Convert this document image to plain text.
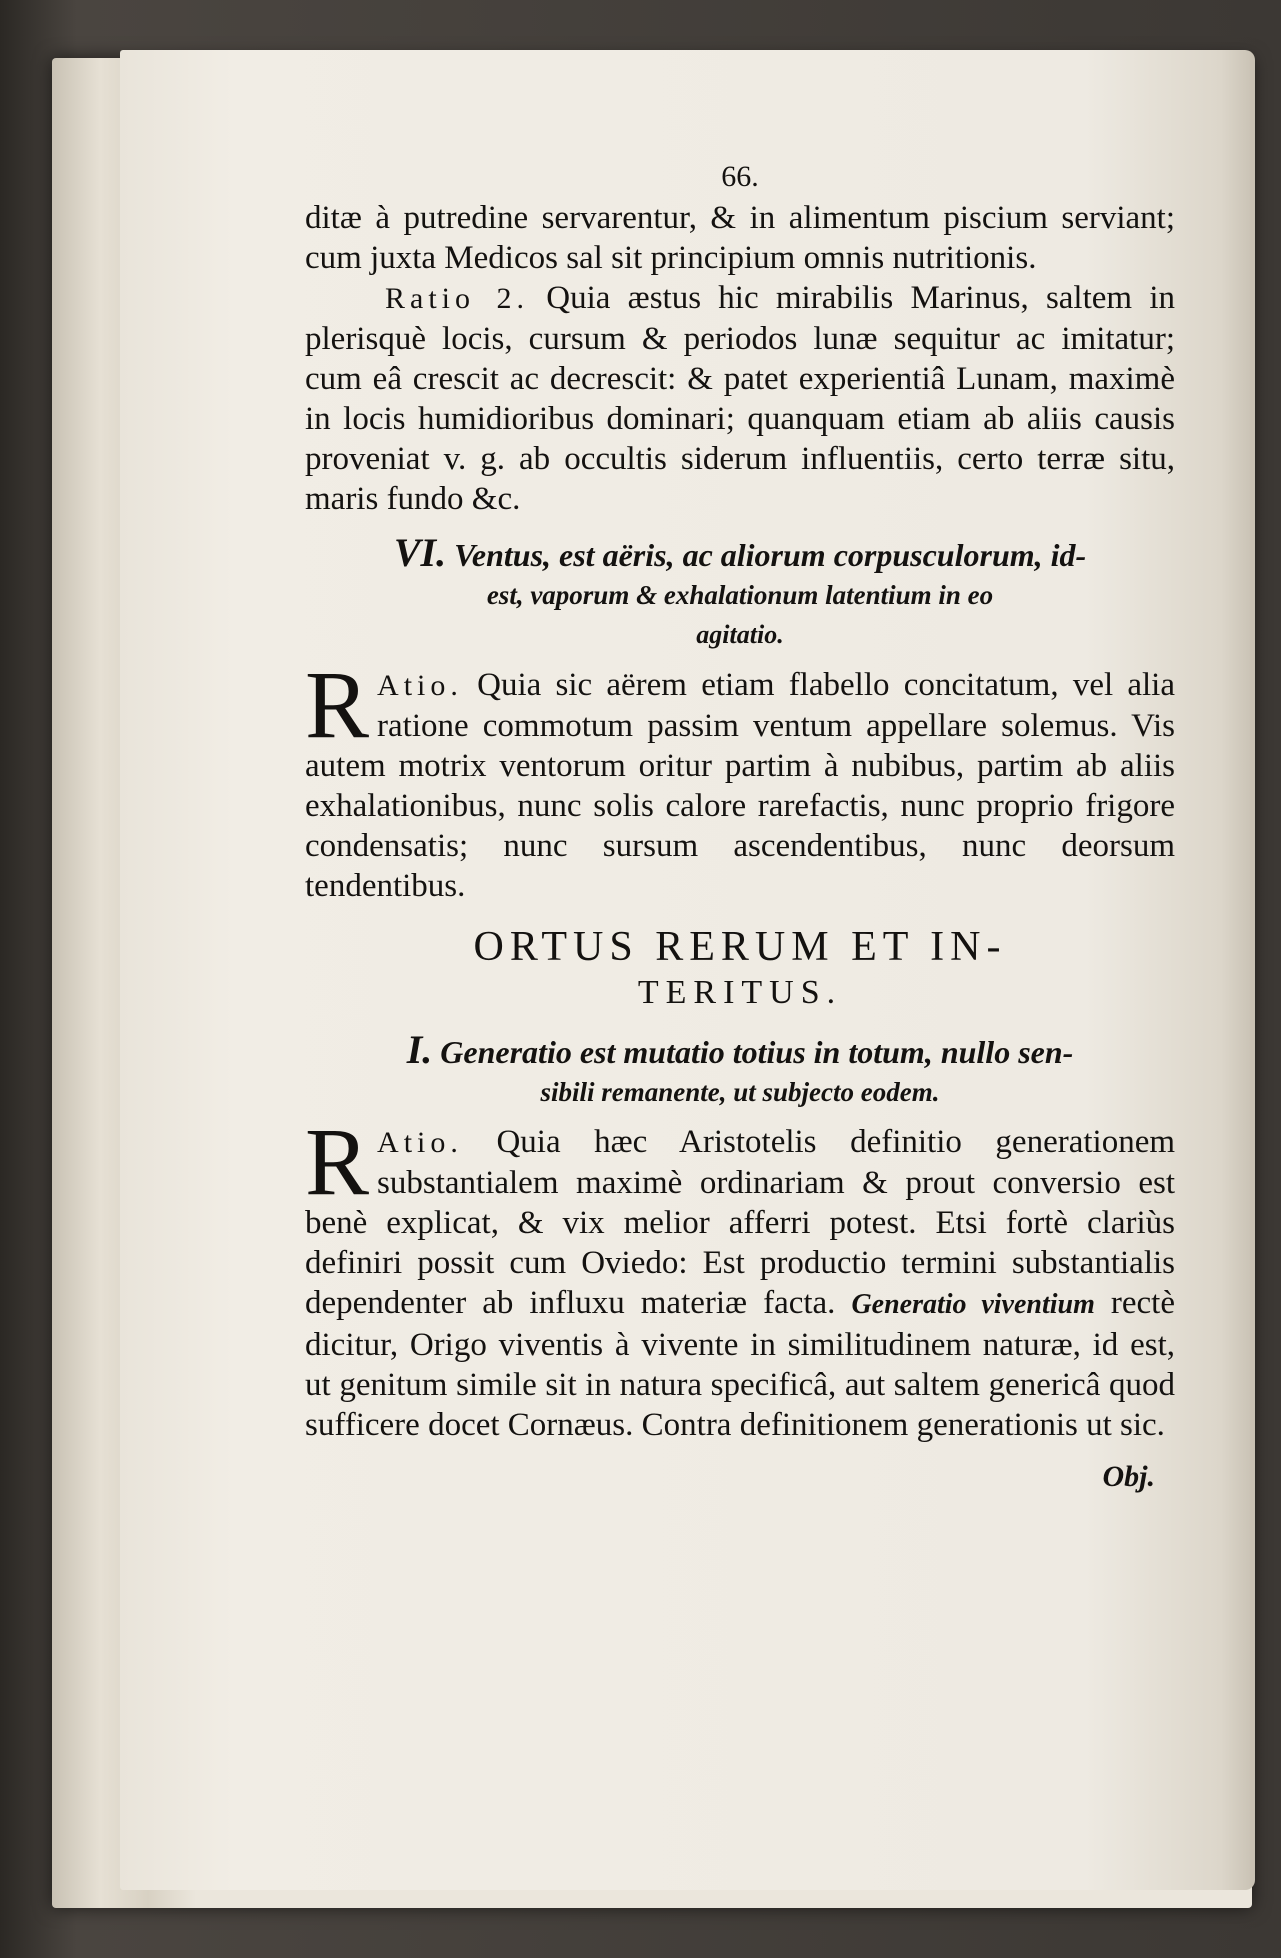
66.

ditæ à putredine servarentur, & in alimentum piscium serviant; cum juxta Medicos sal sit principium omnis nutritionis.

Ratio 2. Quia æstus hic mirabilis Marinus, saltem in plerisquè locis, cursum & periodos lunæ sequitur ac imitatur; cum eâ crescit ac decrescit: & patet experientiâ Lunam, maximè in locis humidioribus dominari; quanquam etiam ab aliis causis proveniat v. g. ab occultis siderum influentiis, certo terræ situ, maris fundo &c.

VI. Ventus, est aëris, ac aliorum corpusculorum, id-
est, vaporum & exhalationum latentium in eo
agitatio.

R Atio. Quia sic aërem etiam flabello concitatum, vel alia ratione commotum passim ventum appellare solemus. Vis autem motrix ventorum oritur partim à nubibus, partim ab aliis exhalationibus, nunc solis calore rarefactis, nunc proprio frigore condensatis; nunc sursum ascendentibus, nunc deorsum tendentibus.

ORTUS RERUM ET IN-
TERITUS.
I. Generatio est mutatio totius in totum, nullo sen-
sibili remanente, ut subjecto eodem.

R Atio. Quia hæc Aristotelis definitio generationem substantialem maximè ordinariam & prout conversio est benè explicat, & vix melior afferri potest. Etsi fortè clariùs definiri possit cum Oviedo: Est productio termini substantialis dependenter ab influxu materiæ facta. Generatio viventium rectè dicitur, Origo viventis à vivente in similitudinem naturæ, id est, ut genitum simile sit in natura specificâ, aut saltem genericâ quod sufficere docet Cornæus. Contra definitionem generationis ut sic.

Obj.
